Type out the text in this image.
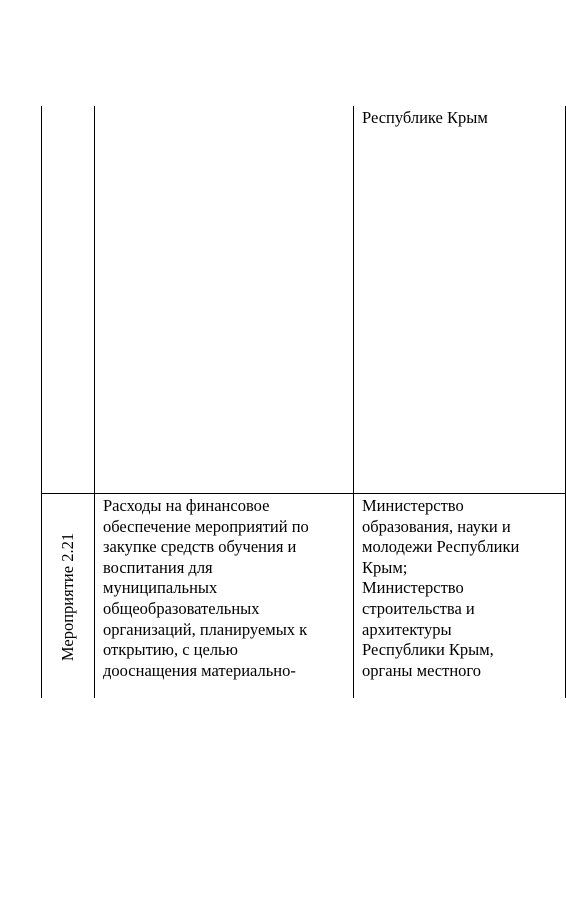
Республике Крым

Мероприятие 2.21

Расходы на финансовое
обеспечение мероприятий по
закупке средств обучения и
воспитания для
муниципальных
общеобразовательных
организаций, планируемых к
открытию, с целью
дооснащения материально-

Министерство
образования, науки и
молодежи Республики
Крым;
Министерство
строительства и
архитектуры
Республики Крым,
органы местного
